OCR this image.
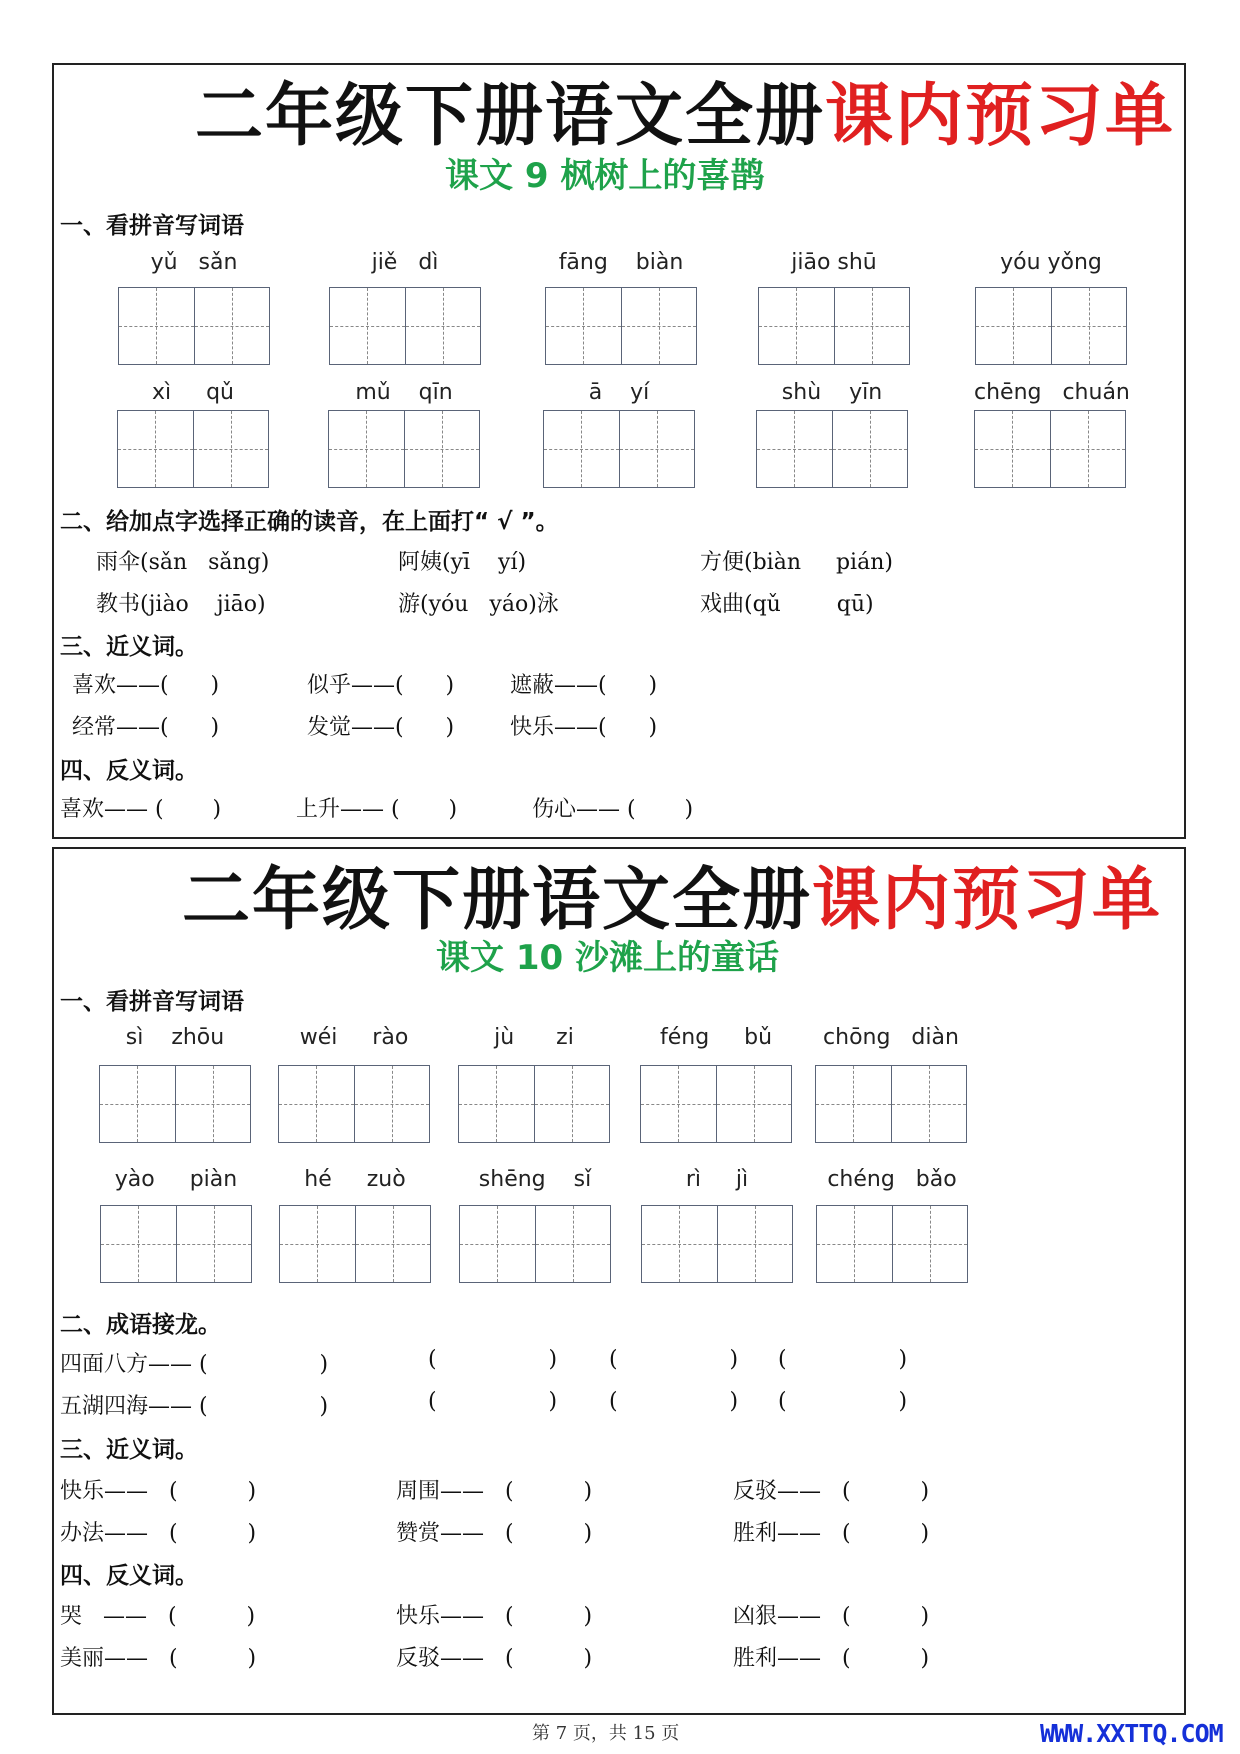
二年级下册语文全册课内预习单
课文 9 枫树上的喜鹊
一、看拼音写词语
yǔ   sǎn	jiě   dì	fāng    biàn	jiāo shū	yóu yǒng
xì     qǔ	mǔ    qīn	ā    yí	shù    yīn	chēng   chuán
二、给加点字选择正确的读音，在上面打“ √ ”。
雨伞(sǎn   sǎng)	阿姨(yī    yí)	方便(biàn     pián)
教书(jiào    jiāo)	游(yóu   yáo)泳	戏曲(qǔ        qū)
三、近义词。
喜欢——(      )	似乎——(      )	遮蔽——(      )
经常——(      )	发觉——(      )	快乐——(      )
四、反义词。
喜欢—— (       )	上升—— (       )	伤心—— (       )
二年级下册语文全册课内预习单
课文 10 沙滩上的童话
一、看拼音写词语
sì    zhōu	wéi     rào	jù      zi	féng     bǔ	chōng   diàn
yào     piàn	hé     zuò	shēng    sǐ	rì     jì	chéng   bǎo
二、成语接龙。
四面八方—— (                )	(                ) (                ) (                )
五湖四海—— (                )	(                ) (                ) (                )
三、近义词。
快乐——   (          )	周围——   (          )	反驳——   (          )
办法——   (          )	赞赏——   (          )	胜利——   (          )
四、反义词。
哭   ——   (          )	快乐——   (          )	凶狠——   (          )
美丽——   (          )	反驳——   (          )	胜利——   (          )
第 7 页，共 15 页	WWW.XXTTQ.COM
